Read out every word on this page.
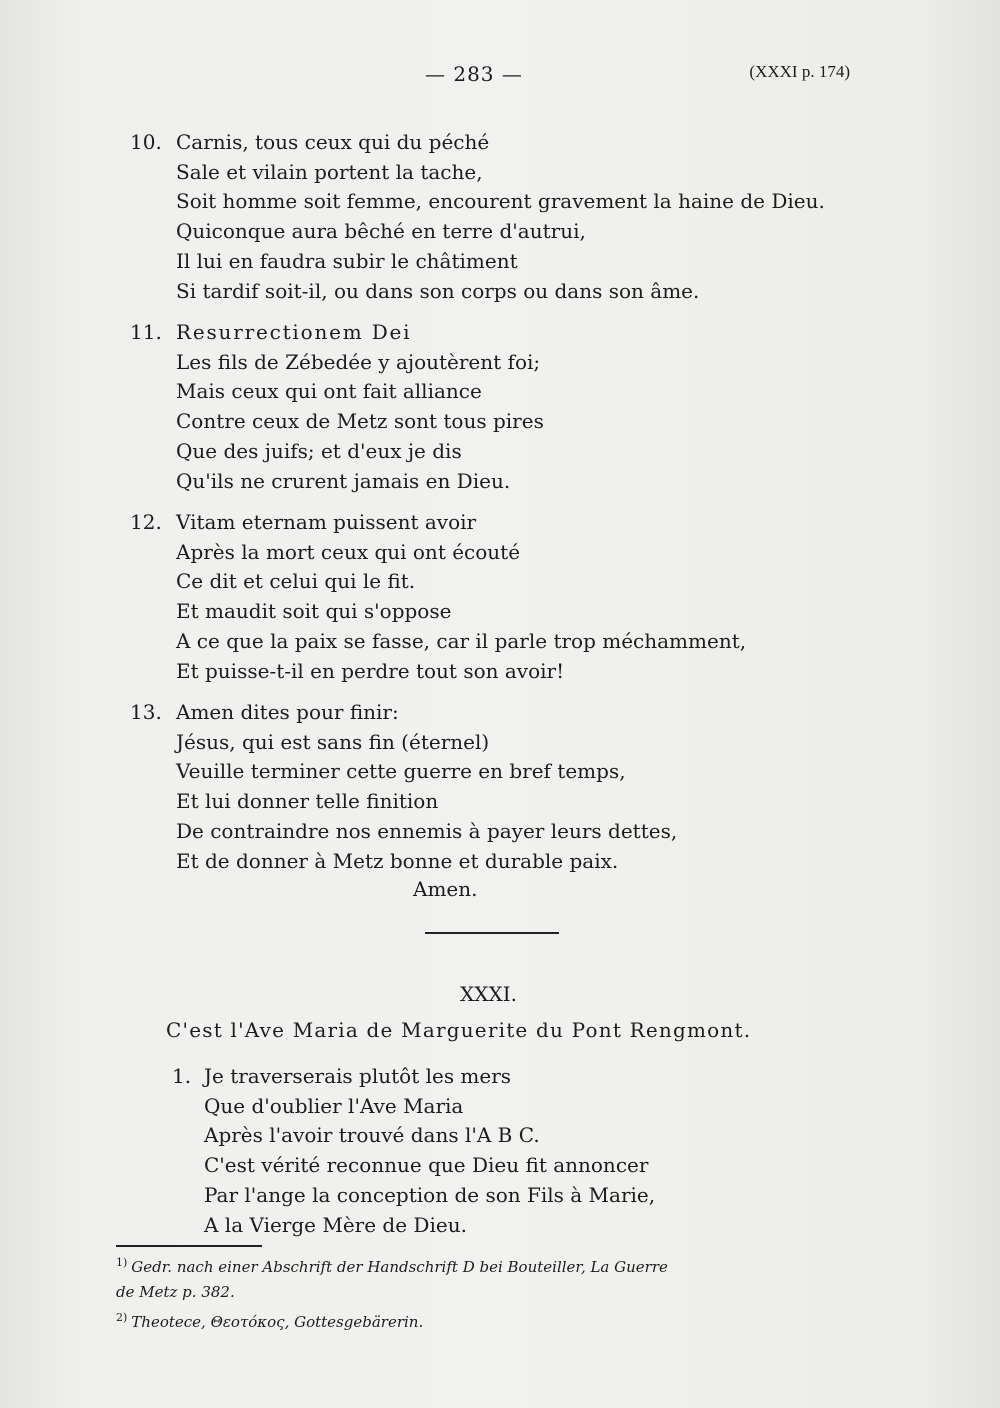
— 283 —	(XXXI p. 174)
10. Carnis, tous ceux qui du péché
Sale et vilain portent la tache,
Soit homme soit femme, encourent gravement la haine de Dieu.
Quiconque aura bêché en terre d'autrui,
Il lui en faudra subir le châtiment
Si tardif soit-il, ou dans son corps ou dans son âme.
11. Resurrectionem Dei
Les fils de Zébedée y ajoutèrent foi;
Mais ceux qui ont fait alliance
Contre ceux de Metz sont tous pires
Que des juifs; et d'eux je dis
Qu'ils ne crurent jamais en Dieu.
12. Vitam eternam puissent avoir
Après la mort ceux qui ont écouté
Ce dit et celui qui le fit.
Et maudit soit qui s'oppose
A ce que la paix se fasse, car il parle trop méchamment,
Et puisse-t-il en perdre tout son avoir!
13. Amen dites pour finir:
Jésus, qui est sans fin (éternel)
Veuille terminer cette guerre en bref temps,
Et lui donner telle finition
De contraindre nos ennemis à payer leurs dettes,
Et de donner à Metz bonne et durable paix.
Amen.
XXXI.
C'est l'Ave Maria de Marguerite du Pont Rengmont.
1. Je traverserais plutôt les mers
Que d'oublier l'Ave Maria
Après l'avoir trouvé dans l'A B C.
C'est vérité reconnue que Dieu fit annoncer
Par l'ange la conception de son Fils à Marie,
A la Vierge Mère de Dieu.
$^{1)}$ Gedr. nach einer Abschrift der Handschrift D bei Bouteiller, La Guerre
de Metz p. 382.
$^{2)}$ Theotece, Θεοτόκος, Gottesgebärerin.
